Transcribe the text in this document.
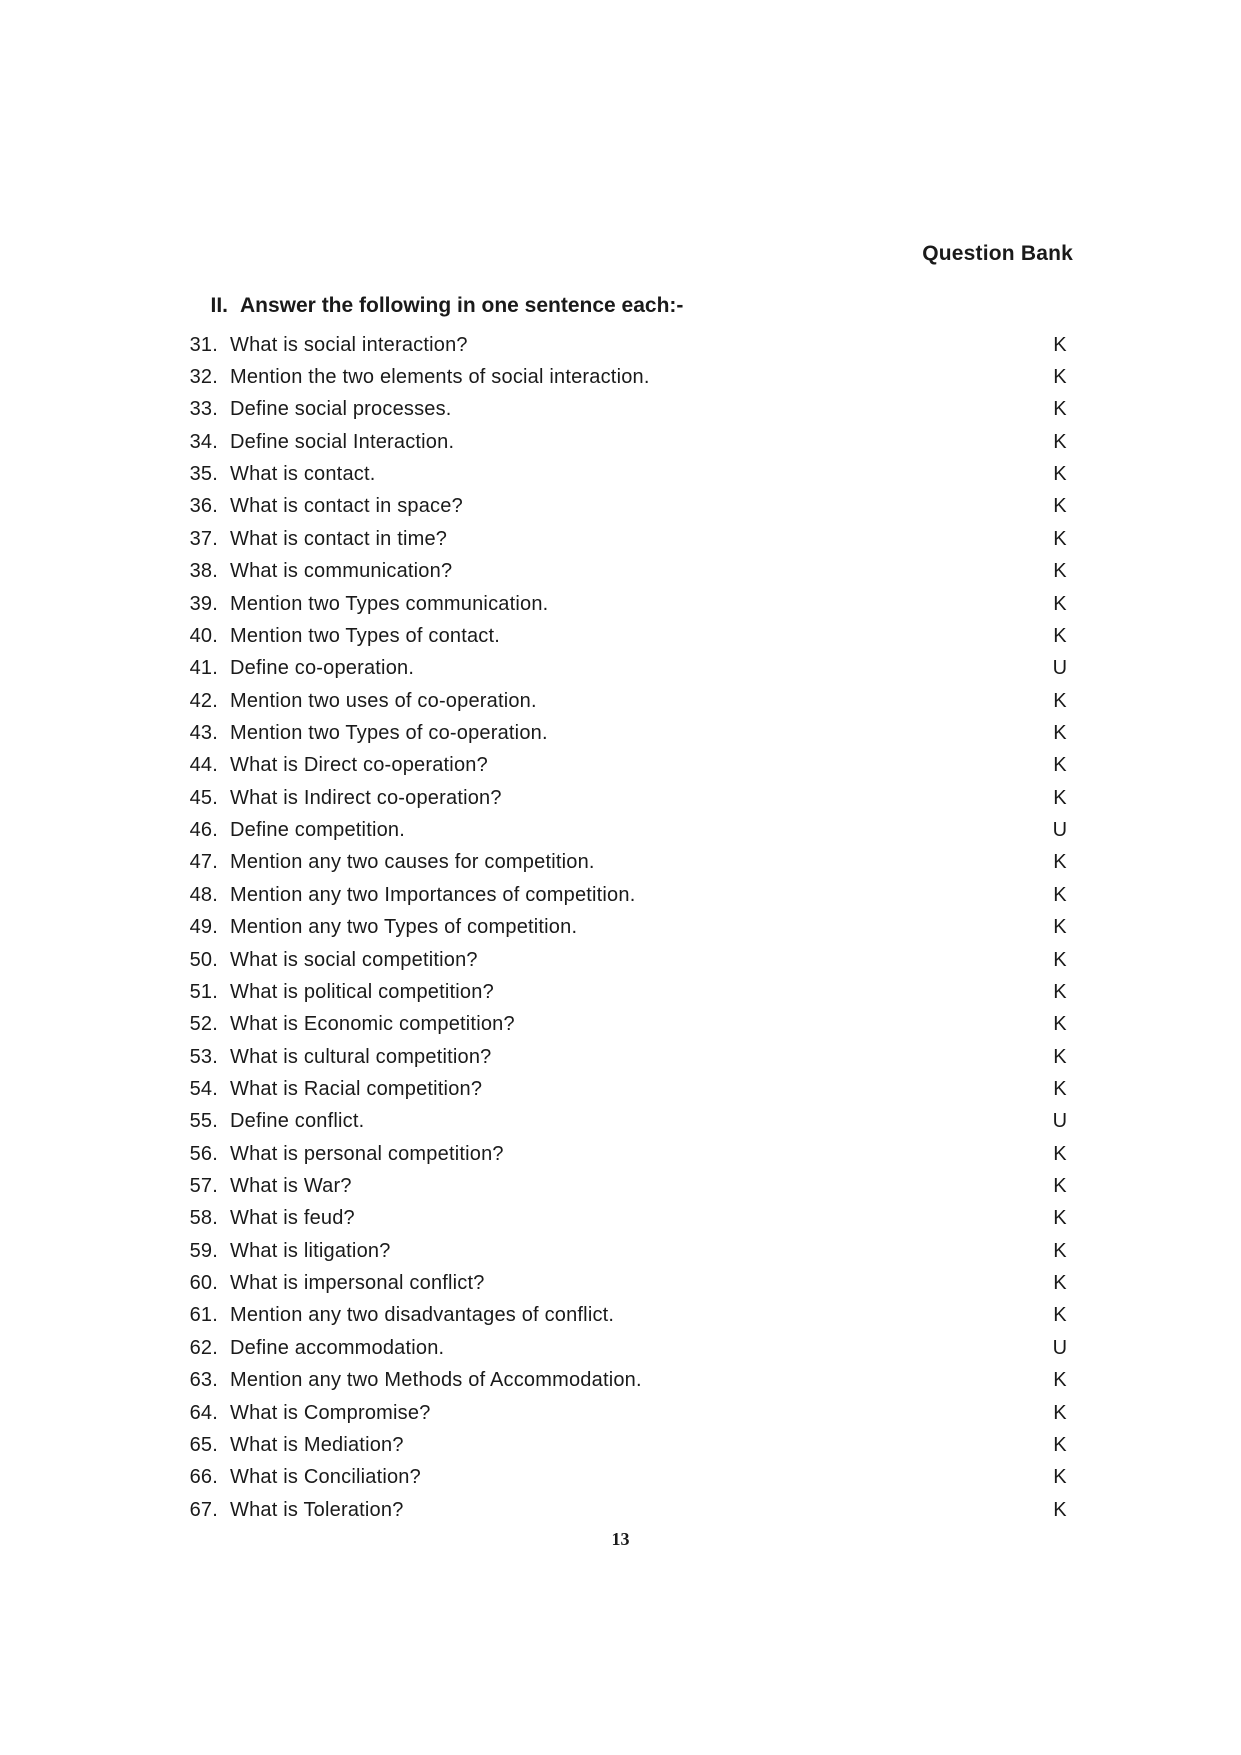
Question Bank
II. Answer the following in one sentence each:-
31. What is social interaction?	K
32. Mention the two elements of social interaction.	K
33. Define social processes.	K
34. Define social Interaction.	K
35. What is contact.	K
36. What is contact in space?	K
37. What is contact in time?	K
38. What is communication?	K
39. Mention two Types communication.	K
40. Mention two Types of contact.	K
41. Define co-operation.	U
42. Mention two uses of co-operation.	K
43. Mention two Types of co-operation.	K
44. What is Direct co-operation?	K
45. What is Indirect co-operation?	K
46. Define competition.	U
47. Mention any two causes for competition.	K
48. Mention any two Importances of competition.	K
49. Mention any two Types of competition.	K
50. What is social competition?	K
51. What is political competition?	K
52. What is Economic competition?	K
53. What is cultural competition?	K
54. What is Racial competition?	K
55. Define conflict.	U
56. What is personal competition?	K
57. What is War?	K
58. What is feud?	K
59. What is litigation?	K
60. What is impersonal conflict?	K
61. Mention any two disadvantages of conflict.	K
62. Define accommodation.	U
63. Mention any two Methods of Accommodation.	K
64. What is Compromise?	K
65. What is Mediation?	K
66. What is Conciliation?	K
67. What is Toleration?	K
13
